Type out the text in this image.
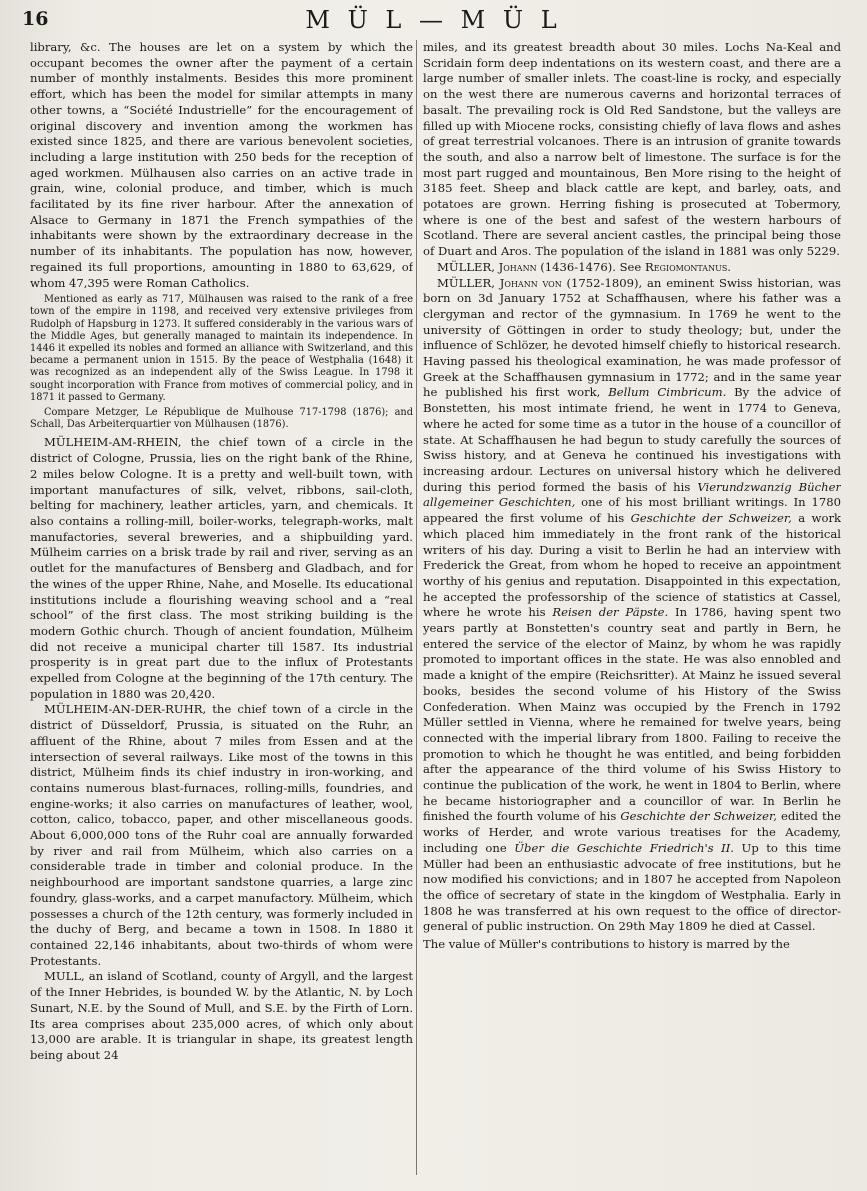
16	M Ü L — M Ü L

library, &c. The houses are let on a system by which the occupant becomes the owner after the payment of a certain number of monthly instalments. Besides this more prominent effort, which has been the model for similar attempts in many other towns, a “Société Industrielle” for the encouragement of original discovery and invention among the workmen has existed since 1825, and there are various benevolent societies, including a large institution with 250 beds for the reception of aged workmen. Mülhausen also carries on an active trade in grain, wine, colonial produce, and timber, which is much facilitated by its fine river harbour. After the annexation of Alsace to Germany in 1871 the French sympathies of the inhabitants were shown by the extraordinary decrease in the number of its inhabitants. The population has now, however, regained its full proportions, amounting in 1880 to 63,629, of whom 47,395 were Roman Catholics.

Mentioned as early as 717, Mülhausen was raised to the rank of a free town of the empire in 1198, and received very extensive privileges from Rudolph of Hapsburg in 1273. It suffered considerably in the various wars of the Middle Ages, but generally managed to maintain its independence. In 1446 it expelled its nobles and formed an alliance with Switzerland, and this became a permanent union in 1515. By the peace of Westphalia (1648) it was recognized as an independent ally of the Swiss League. In 1798 it sought incorporation with France from motives of commercial policy, and in 1871 it passed to Germany.

Compare Metzger, Le République de Mulhouse 717-1798 (1876); and Schall, Das Arbeiterquartier von Mülhausen (1876).

MÜLHEIM-AM-RHEIN, the chief town of a circle in the district of Cologne, Prussia, lies on the right bank of the Rhine, 2 miles below Cologne. It is a pretty and well-built town, with important manufactures of silk, velvet, ribbons, sail-cloth, belting for machinery, leather articles, yarn, and chemicals. It also contains a rolling-mill, boiler-works, telegraph-works, malt manufactories, several breweries, and a shipbuilding yard. Mülheim carries on a brisk trade by rail and river, serving as an outlet for the manufactures of Bensberg and Gladbach, and for the wines of the upper Rhine, Nahe, and Moselle. Its educational institutions include a flourishing weaving school and a “real school” of the first class. The most striking building is the modern Gothic church. Though of ancient foundation, Mülheim did not receive a municipal charter till 1587. Its industrial prosperity is in great part due to the influx of Protestants expelled from Cologne at the beginning of the 17th century. The population in 1880 was 20,420.

MÜLHEIM-AN-DER-RUHR, the chief town of a circle in the district of Düsseldorf, Prussia, is situated on the Ruhr, an affluent of the Rhine, about 7 miles from Essen and at the intersection of several railways. Like most of the towns in this district, Mülheim finds its chief industry in iron-working, and contains numerous blast-furnaces, rolling-mills, foundries, and engine-works; it also carries on manufactures of leather, wool, cotton, calico, tobacco, paper, and other miscellaneous goods. About 6,000,000 tons of the Ruhr coal are annually forwarded by river and rail from Mülheim, which also carries on a considerable trade in timber and colonial produce. In the neighbourhood are important sandstone quarries, a large zinc foundry, glass-works, and a carpet manufactory. Mülheim, which possesses a church of the 12th century, was formerly included in the duchy of Berg, and became a town in 1508. In 1880 it contained 22,146 inhabitants, about two-thirds of whom were Protestants.

MULL, an island of Scotland, county of Argyll, and the largest of the Inner Hebrides, is bounded W. by the Atlantic, N. by Loch Sunart, N.E. by the Sound of Mull, and S.E. by the Firth of Lorn. Its area comprises about 235,000 acres, of which only about 13,000 are arable. It is triangular in shape, its greatest length being about 24

miles, and its greatest breadth about 30 miles. Lochs Na-Keal and Scridain form deep indentations on its western coast, and there are a large number of smaller inlets. The coast-line is rocky, and especially on the west there are numerous caverns and horizontal terraces of basalt. The prevailing rock is Old Red Sandstone, but the valleys are filled up with Miocene rocks, consisting chiefly of lava flows and ashes of great terrestrial volcanoes. There is an intrusion of granite towards the south, and also a narrow belt of limestone. The surface is for the most part rugged and mountainous, Ben More rising to the height of 3185 feet. Sheep and black cattle are kept, and barley, oats, and potatoes are grown. Herring fishing is prosecuted at Tobermory, where is one of the best and safest of the western harbours of Scotland. There are several ancient castles, the principal being those of Duart and Aros. The population of the island in 1881 was only 5229.

MÜLLER, Johann (1436-1476). See Regiomontanus.

MÜLLER, Johann von (1752-1809), an eminent Swiss historian, was born on 3d January 1752 at Schaffhausen, where his father was a clergyman and rector of the gymnasium. In 1769 he went to the university of Göttingen in order to study theology; but, under the influence of Schlözer, he devoted himself chiefly to historical research. Having passed his theological examination, he was made professor of Greek at the Schaffhausen gymnasium in 1772; and in the same year he published his first work, Bellum Cimbricum. By the advice of Bonstetten, his most intimate friend, he went in 1774 to Geneva, where he acted for some time as a tutor in the house of a councillor of state. At Schaffhausen he had begun to study carefully the sources of Swiss history, and at Geneva he continued his investigations with increasing ardour. Lectures on universal history which he delivered during this period formed the basis of his Vierundzwanzig Bücher allgemeiner Geschichten, one of his most brilliant writings. In 1780 appeared the first volume of his Geschichte der Schweizer, a work which placed him immediately in the front rank of the historical writers of his day. During a visit to Berlin he had an interview with Frederick the Great, from whom he hoped to receive an appointment worthy of his genius and reputation. Disappointed in this expectation, he accepted the professorship of the science of statistics at Cassel, where he wrote his Reisen der Päpste. In 1786, having spent two years partly at Bonstetten's country seat and partly in Bern, he entered the service of the elector of Mainz, by whom he was rapidly promoted to important offices in the state. He was also ennobled and made a knight of the empire (Reichsritter). At Mainz he issued several books, besides the second volume of his History of the Swiss Confederation. When Mainz was occupied by the French in 1792 Müller settled in Vienna, where he remained for twelve years, being connected with the imperial library from 1800. Failing to receive the promotion to which he thought he was entitled, and being forbidden after the appearance of the third volume of his Swiss History to continue the publication of the work, he went in 1804 to Berlin, where he became historiographer and a councillor of war. In Berlin he finished the fourth volume of his Geschichte der Schweizer, edited the works of Herder, and wrote various treatises for the Academy, including one Über die Geschichte Friedrich's II. Up to this time Müller had been an enthusiastic advocate of free institutions, but he now modified his convictions; and in 1807 he accepted from Napoleon the office of secretary of state in the kingdom of Westphalia. Early in 1808 he was transferred at his own request to the office of director-general of public instruction. On 29th May 1809 he died at Cassel.

The value of Müller's contributions to history is marred by the
